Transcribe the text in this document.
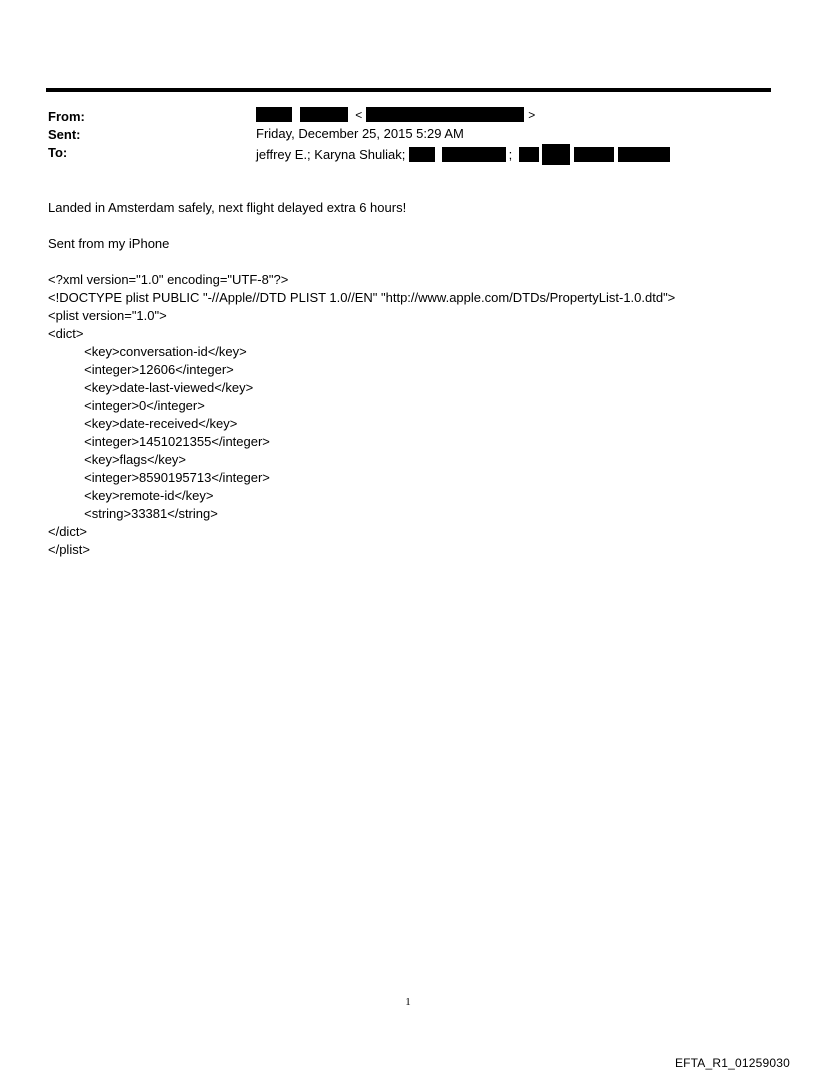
From:	<	>
Sent:	Friday, December 25, 2015 5:29 AM
To:	jeffrey E.; Karyna Shuliak;	;
Landed in Amsterdam safely, next flight delayed extra 6 hours!
Sent from my iPhone

<?xml version="1.0" encoding="UTF-8"?>
<!DOCTYPE plist PUBLIC "-//Apple//DTD PLIST 1.0//EN" "http://www.apple.com/DTDs/PropertyList-1.0.dtd">
<plist version="1.0">
<dict>
<key>conversation-id</key>
<integer>12606</integer>
<key>date-last-viewed</key>
<integer>0</integer>
<key>date-received</key>
<integer>1451021355</integer>
<key>flags</key>
<integer>8590195713</integer>
<key>remote-id</key>
<string>33381</string>
</dict>
</plist>

1
EFTA_R1_01259030
